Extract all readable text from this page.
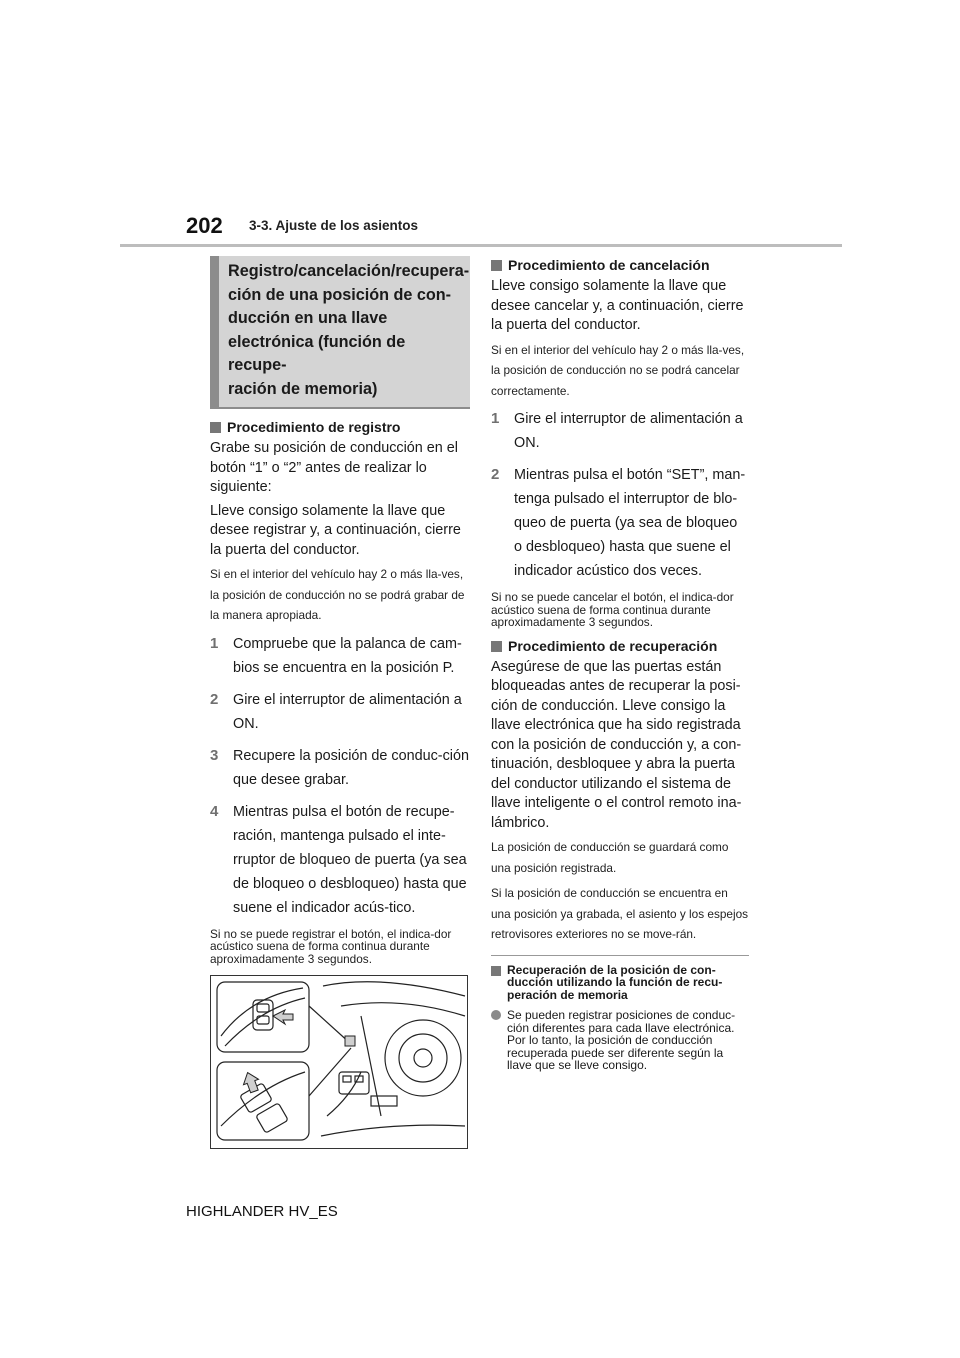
202 3-3. Ajuste de los asientos
Registro/cancelación/recupera-
ción de una posición de con-
ducción en una llave
electrónica (función de recupe-
ración de memoria)
Procedimiento de registro

Grabe su posición de conducción en el botón “1” o “2” antes de realizar lo siguiente:

Lleve consigo solamente la llave que desee registrar y, a continuación, cierre la puerta del conductor.

Si en el interior del vehículo hay 2 o más lla-ves, la posición de conducción no se podrá grabar de la manera apropiada.

1 Compruebe que la palanca de cam-bios se encuentra en la posición P.
2 Gire el interruptor de alimentación a ON.
3 Recupere la posición de conduc-ción que desee grabar.
4 Mientras pulsa el botón de recupe-ración, mantenga pulsado el inte-rruptor de bloqueo de puerta (ya sea de bloqueo o desbloqueo) hasta que suene el indicador acús-tico.

Si no se puede registrar el botón, el indica-dor acústico suena de forma continua durante aproximadamente 3 segundos.

Procedimiento de cancelación

Lleve consigo solamente la llave que desee cancelar y, a continuación, cierre la puerta del conductor.

Si en el interior del vehículo hay 2 o más lla-ves, la posición de conducción no se podrá cancelar correctamente.

1 Gire el interruptor de alimentación a ON.
2 Mientras pulsa el botón “SET”, man-tenga pulsado el interruptor de blo-queo de puerta (ya sea de bloqueo o desbloqueo) hasta que suene el indicador acústico dos veces.

Si no se puede cancelar el botón, el indica-dor acústico suena de forma continua durante aproximadamente 3 segundos.

Procedimiento de recuperación

Asegúrese de que las puertas están bloqueadas antes de recuperar la posi-ción de conducción. Lleve consigo la llave electrónica que ha sido registrada con la posición de conducción y, a con-tinuación, desbloquee y abra la puerta del conductor utilizando el sistema de llave inteligente o el control remoto ina-lámbrico.

La posición de conducción se guardará como una posición registrada.

Si la posición de conducción se encuentra en una posición ya grabada, el asiento y los espejos retrovisores exteriores no se move-rán.

Recuperación de la posición de con-ducción utilizando la función de recu-peración de memoria
Se pueden registrar posiciones de conduc-ción diferentes para cada llave electrónica. Por lo tanto, la posición de conducción recuperada puede ser diferente según la llave que se lleve consigo.
HIGHLANDER HV_ES
